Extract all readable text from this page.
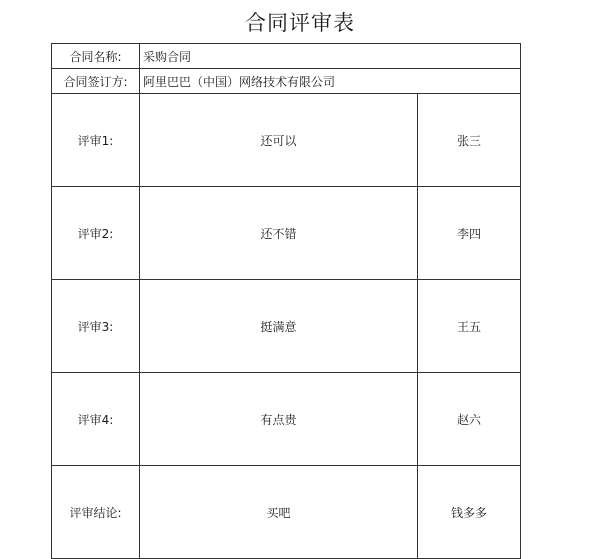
合同评审表
合同名称:	采购合同	
合同签订方:	阿里巴巴（中国）网络技术有限公司	
评审1:	还可以	张三
评审2:	还不错	李四
评审3:	挺满意	王五
评审4:	有点贵	赵六
评审结论:	买吧	钱多多
